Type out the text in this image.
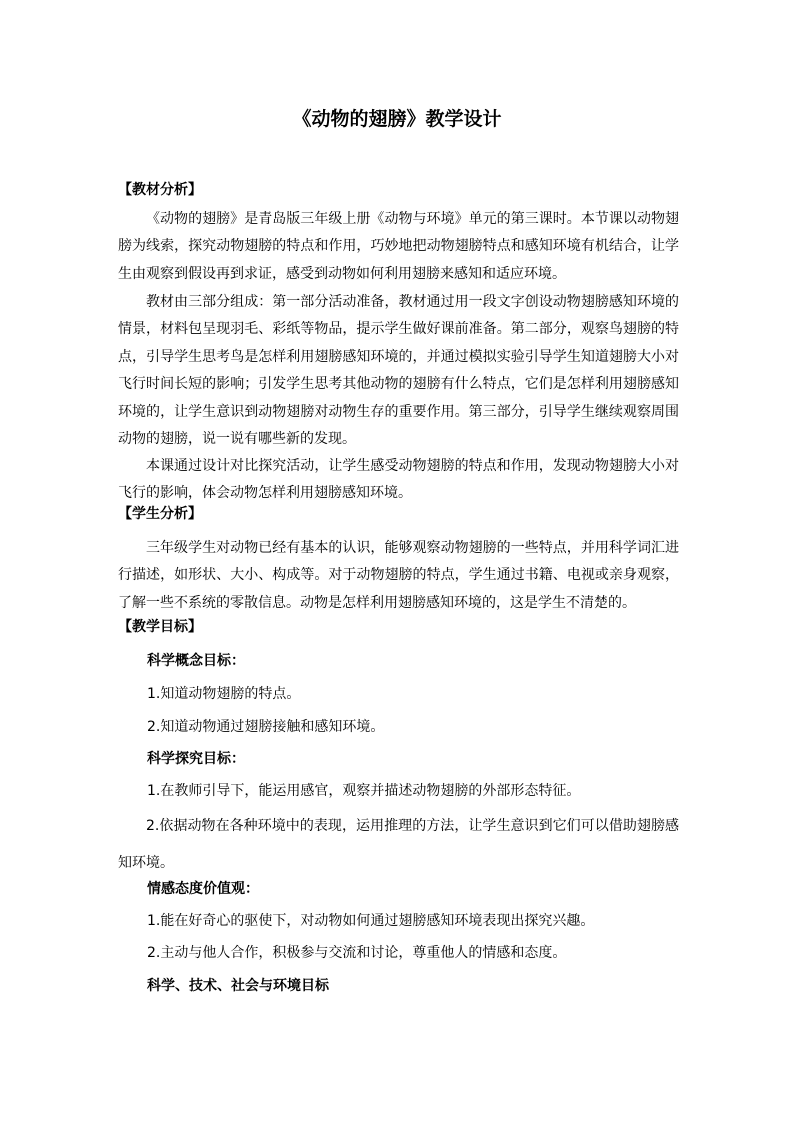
《动物的翅膀》教学设计
【教材分析】

《动物的翅膀》是青岛版三年级上册《动物与环境》单元的第三课时。本节课以动物翅膀为线索，探究动物翅膀的特点和作用，巧妙地把动物翅膀特点和感知环境有机结合，让学生由观察到假设再到求证，感受到动物如何利用翅膀来感知和适应环境。

教材由三部分组成：第一部分活动准备，教材通过用一段文字创设动物翅膀感知环境的情景，材料包呈现羽毛、彩纸等物品，提示学生做好课前准备。第二部分，观察鸟翅膀的特点，引导学生思考鸟是怎样利用翅膀感知环境的，并通过模拟实验引导学生知道翅膀大小对飞行时间长短的影响；引发学生思考其他动物的翅膀有什么特点，它们是怎样利用翅膀感知环境的，让学生意识到动物翅膀对动物生存的重要作用。第三部分，引导学生继续观察周围动物的翅膀，说一说有哪些新的发现。

本课通过设计对比探究活动，让学生感受动物翅膀的特点和作用，发现动物翅膀大小对飞行的影响，体会动物怎样利用翅膀感知环境。

【学生分析】

三年级学生对动物已经有基本的认识，能够观察动物翅膀的一些特点，并用科学词汇进行描述，如形状、大小、构成等。对于动物翅膀的特点，学生通过书籍、电视或亲身观察，了解一些不系统的零散信息。动物是怎样利用翅膀感知环境的，这是学生不清楚的。

【教学目标】
科学概念目标：
1.知道动物翅膀的特点。
2.知道动物通过翅膀接触和感知环境。
科学探究目标：
1.在教师引导下，能运用感官，观察并描述动物翅膀的外部形态特征。

2.依据动物在各种环境中的表现，运用推理的方法，让学生意识到它们可以借助翅膀感知环境。

情感态度价值观：
1.能在好奇心的驱使下，对动物如何通过翅膀感知环境表现出探究兴趣。
2.主动与他人合作，积极参与交流和讨论，尊重他人的情感和态度。
科学、技术、社会与环境目标
